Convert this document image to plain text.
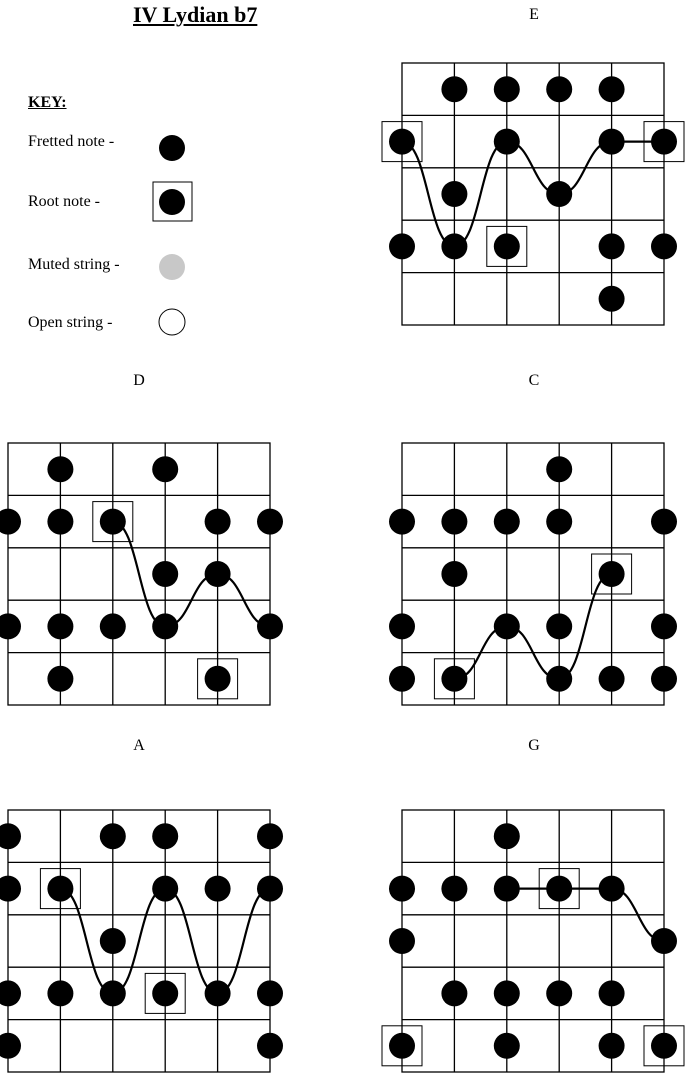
IV Lydian b7
KEY:
Fretted note -
Root note -
Muted string -
Open string -
E
D	C
A	G
